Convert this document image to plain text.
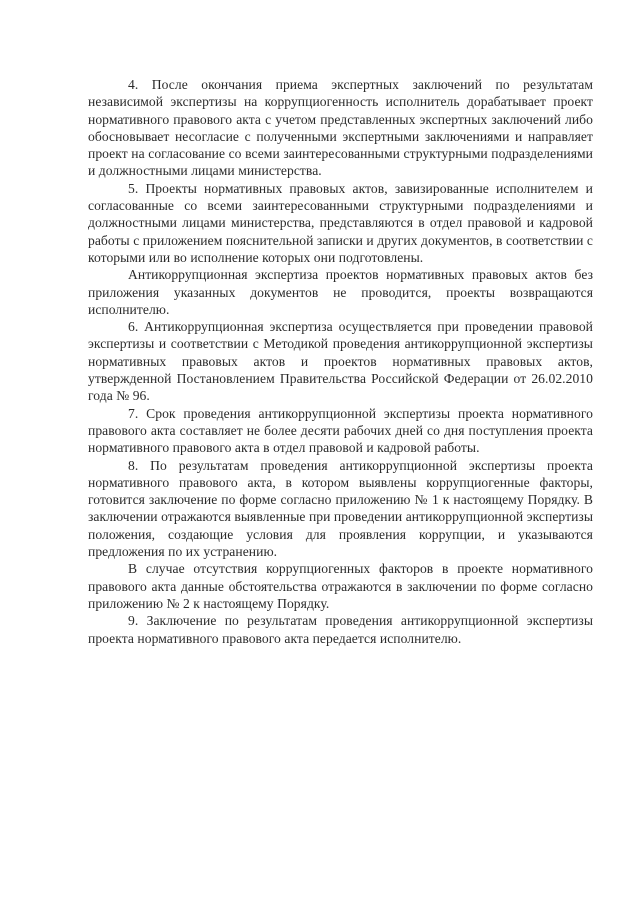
4. После окончания приема экспертных заключений по результатам независимой экспертизы на коррупциогенность исполнитель дорабатывает проект нормативного правового акта с учетом представленных экспертных заключений либо обосновывает несогласие с полученными экспертными заключениями и направляет проект на согласование со всеми заинтересованными структурными подразделениями и должностными лицами министерства.

5. Проекты нормативных правовых актов, завизированные исполнителем и согласованные со всеми заинтересованными структурными подразделениями и должностными лицами министерства, представляются в отдел правовой и кадровой работы с приложением пояснительной записки и других документов, в соответствии с которыми или во исполнение которых они подготовлены.

Антикоррупционная экспертиза проектов нормативных правовых актов без приложения указанных документов не проводится, проекты возвращаются исполнителю.

6. Антикоррупционная экспертиза осуществляется при проведении правовой экспертизы и соответствии с Методикой проведения антикоррупционной экспертизы нормативных правовых актов и проектов нормативных правовых актов, утвержденной Постановлением Правительства Российской Федерации от 26.02.2010 года № 96.

7. Срок проведения антикоррупционной экспертизы проекта нормативного правового акта составляет не более десяти рабочих дней со дня поступления проекта нормативного правового акта в отдел правовой и кадровой работы.

8. По результатам проведения антикоррупционной экспертизы проекта нормативного правового акта, в котором выявлены коррупциогенные факторы, готовится заключение по форме согласно приложению № 1 к настоящему Порядку. В заключении отражаются выявленные при проведении антикоррупционной экспертизы положения, создающие условия для проявления коррупции, и указываются предложения по их устранению.

В случае отсутствия коррупциогенных факторов в проекте нормативного правового акта данные обстоятельства отражаются в заключении по форме согласно приложению № 2 к настоящему Порядку.

9. Заключение по результатам проведения антикоррупционной экспертизы проекта нормативного правового акта передается исполнителю.
